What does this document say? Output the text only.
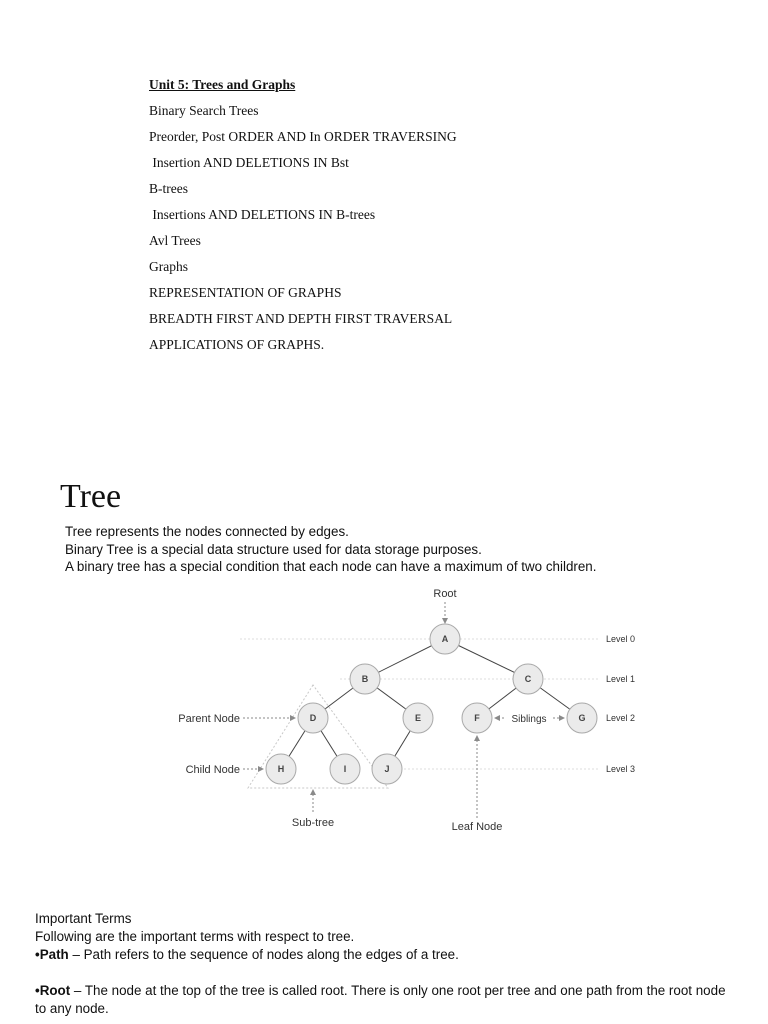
Unit 5: Trees and Graphs
Binary Search Trees
Preorder, Post ORDER AND In ORDER TRAVERSING
Insertion AND DELETIONS IN Bst
B-trees
Insertions AND DELETIONS IN B-trees
Avl Trees
Graphs
REPRESENTATION OF GRAPHS
BREADTH FIRST AND DEPTH FIRST TRAVERSAL
APPLICATIONS OF GRAPHS.
Tree

Tree represents the nodes connected by edges.

Binary Tree is a special data structure used for data storage purposes.

A binary tree has a special condition that each node can have a maximum of two children.

A
B	C
D	E	F	G
H	I	J
Root
Parent Node
Child Node
Siblings
Sub-tree	Leaf Node
Level 0
Level 1
Level 2
Level 3

Important Terms

Following are the important terms with respect to tree.

•Path – Path refers to the sequence of nodes along the edges of a tree.

•Root – The node at the top of the tree is called root. There is only one root per tree and one path from the root node to any node.
